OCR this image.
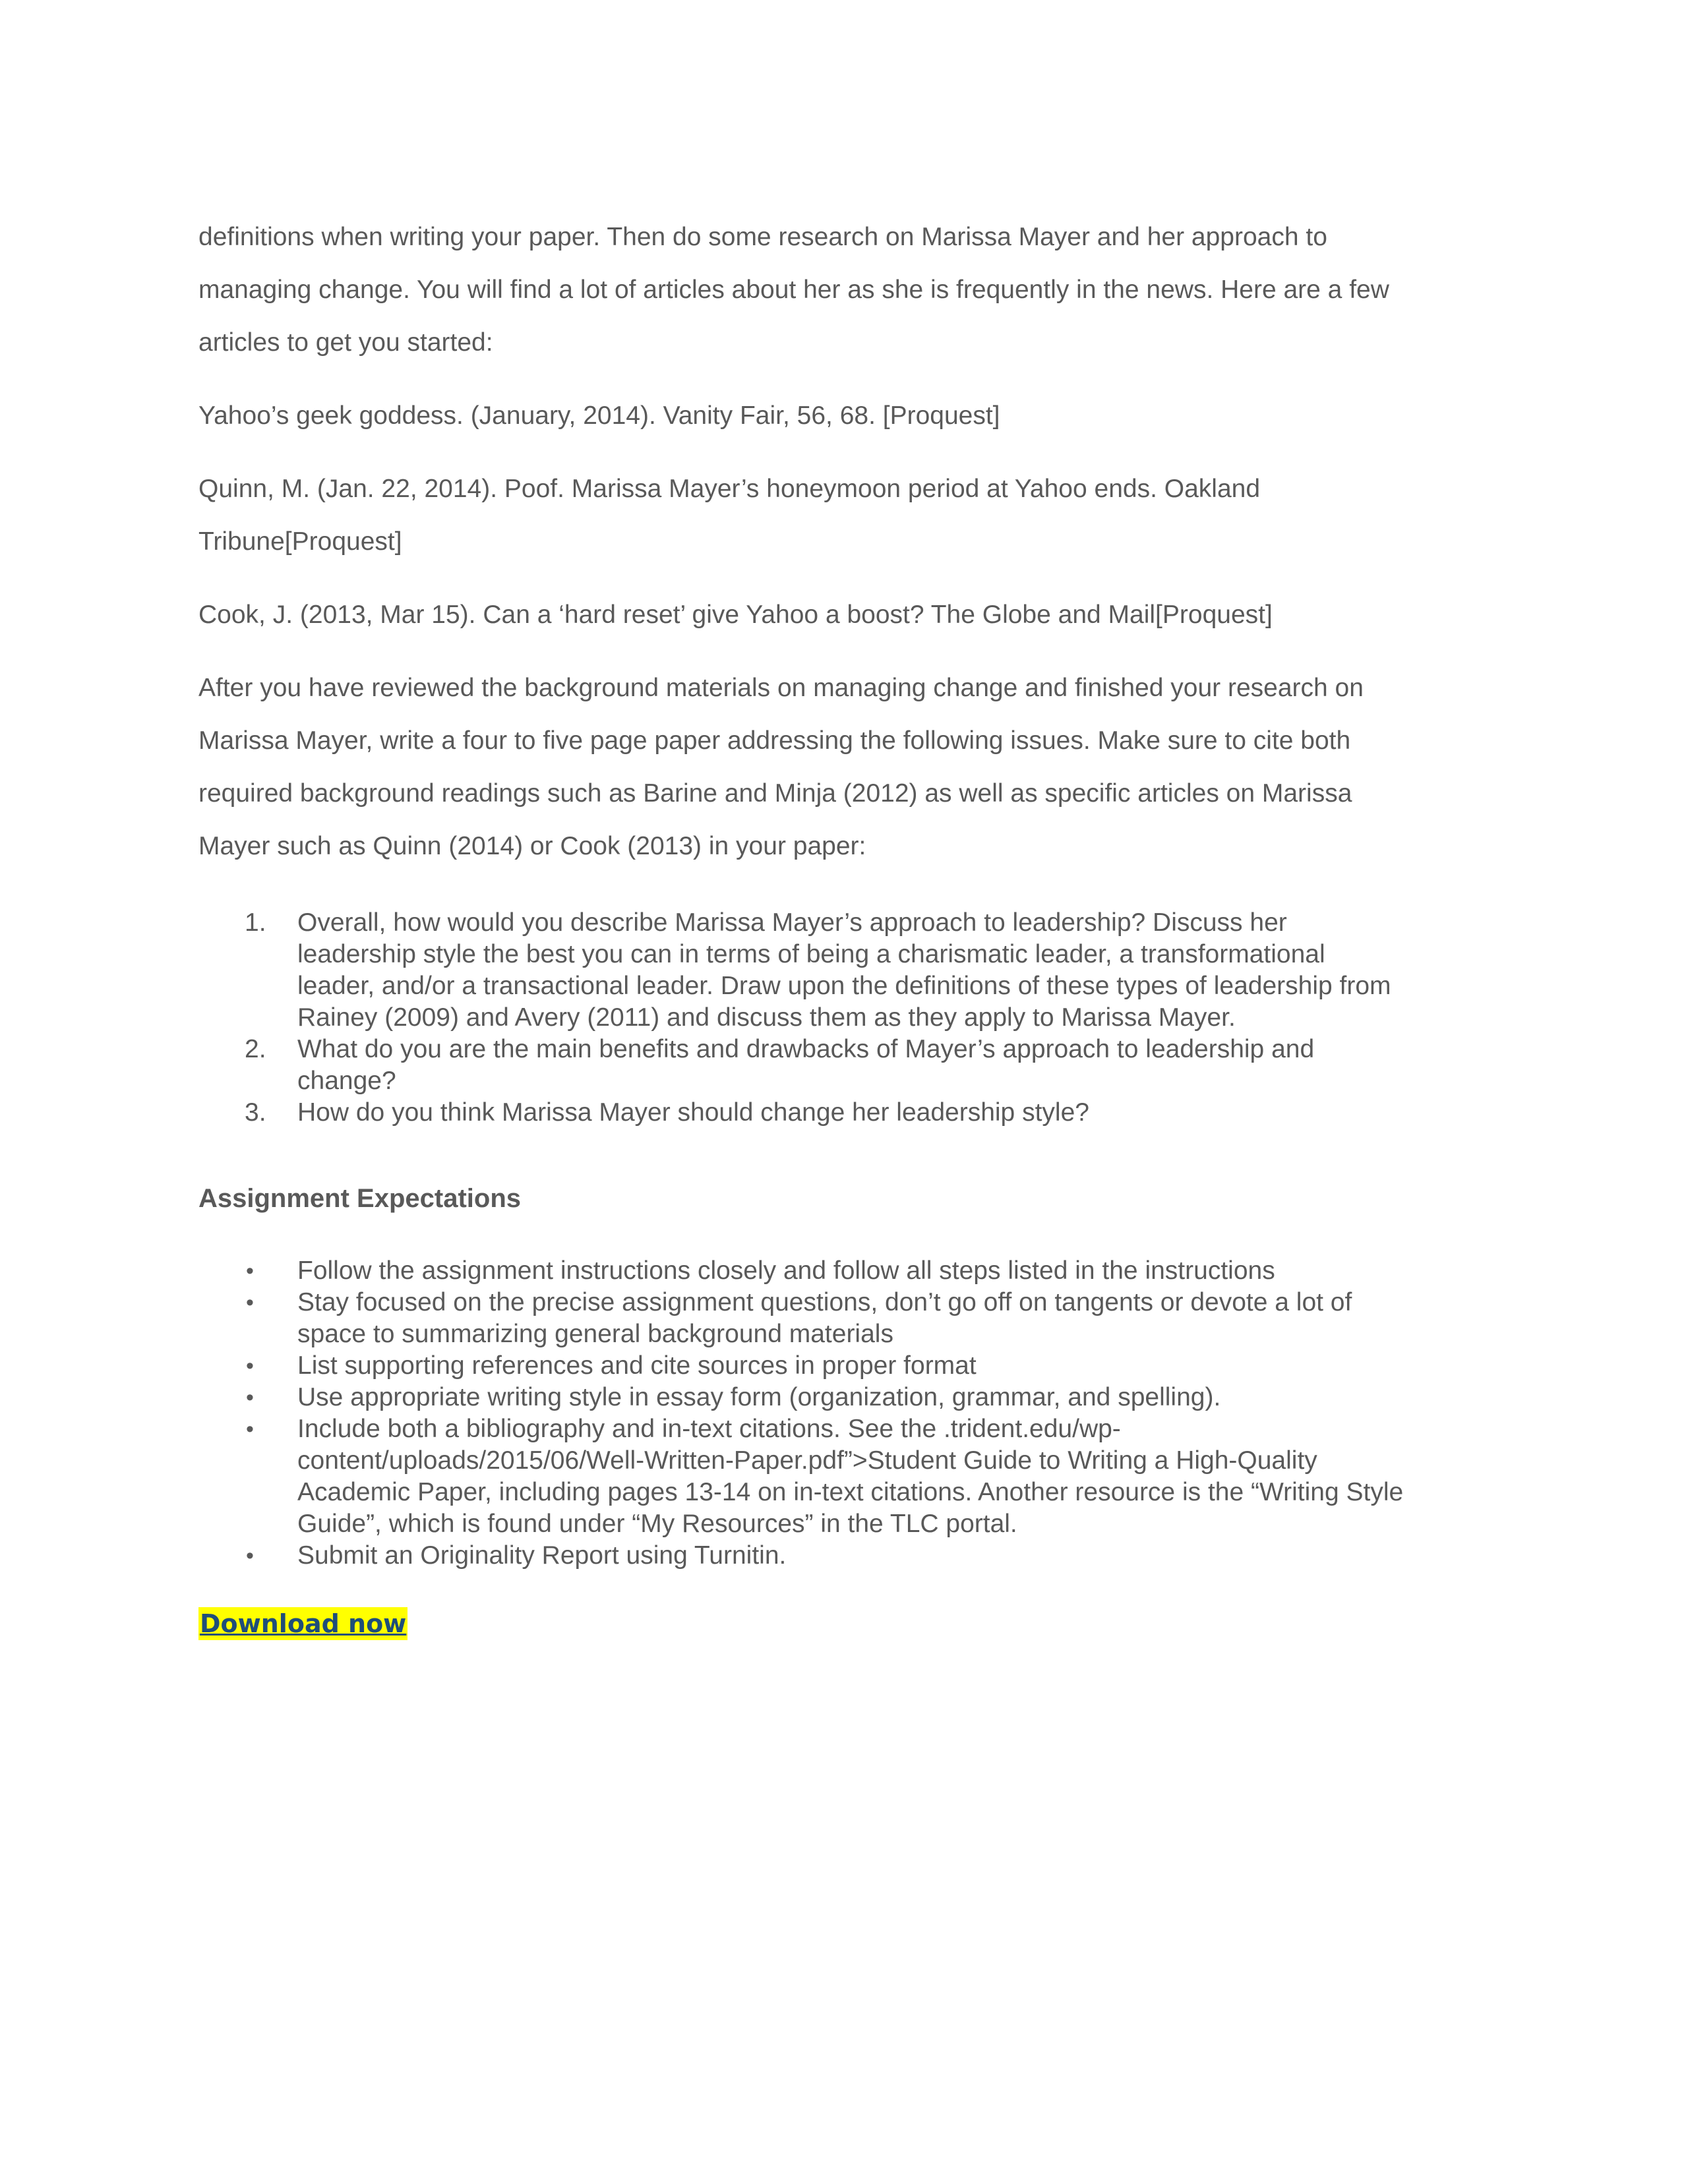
definitions when writing your paper. Then do some research on Marissa Mayer and her approach to
managing change. You will find a lot of articles about her as she is frequently in the news. Here are a few
articles to get you started:

Yahoo’s geek goddess. (January, 2014). Vanity Fair, 56, 68. [Proquest]

Quinn, M. (Jan. 22, 2014). Poof. Marissa Mayer’s honeymoon period at Yahoo ends. Oakland
Tribune[Proquest]

Cook, J. (2013, Mar 15). Can a ‘hard reset’ give Yahoo a boost? The Globe and Mail[Proquest]

After you have reviewed the background materials on managing change and finished your research on
Marissa Mayer, write a four to five page paper addressing the following issues. Make sure to cite both
required background readings such as Barine and Minja (2012) as well as specific articles on Marissa
Mayer such as Quinn (2014) or Cook (2013) in your paper:

1.	Overall, how would you describe Marissa Mayer’s approach to leadership? Discuss her
leadership style the best you can in terms of being a charismatic leader, a transformational
leader, and/or a transactional leader. Draw upon the definitions of these types of leadership from
Rainey (2009) and Avery (2011) and discuss them as they apply to Marissa Mayer.
2.	What do you are the main benefits and drawbacks of Mayer’s approach to leadership and
change?
3.	How do you think Marissa Mayer should change her leadership style?
Assignment Expectations
•	Follow the assignment instructions closely and follow all steps listed in the instructions
•	Stay focused on the precise assignment questions, don’t go off on tangents or devote a lot of
space to summarizing general background materials
•	List supporting references and cite sources in proper format
•	Use appropriate writing style in essay form (organization, grammar, and spelling).
•	Include both a bibliography and in-text citations. See the .trident.edu/wp-
content/uploads/2015/06/Well-Written-Paper.pdf”>Student Guide to Writing a High-Quality
Academic Paper, including pages 13-14 on in-text citations. Another resource is the “Writing Style
Guide”, which is found under “My Resources” in the TLC portal.
•	Submit an Originality Report using Turnitin.
Download now
